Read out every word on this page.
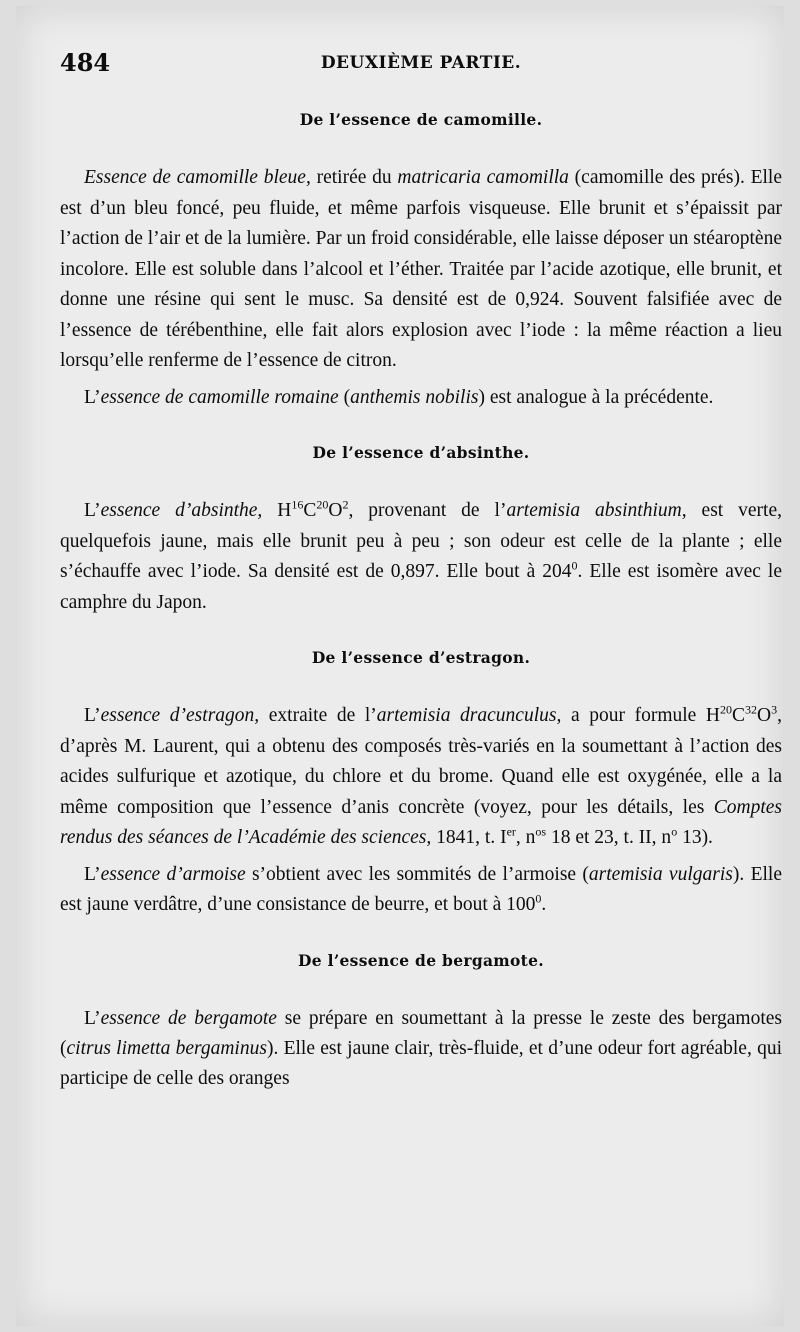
484	DEUXIÈME PARTIE.
De l’essence de camomille.

Essence de camomille bleue, retirée du matricaria camomilla (camomille des prés). Elle est d’un bleu foncé, peu fluide, et même parfois visqueuse. Elle brunit et s’épaissit par l’action de l’air et de la lumière. Par un froid considérable, elle laisse déposer un stéaroptène incolore. Elle est soluble dans l’alcool et l’éther. Traitée par l’acide azotique, elle brunit, et donne une résine qui sent le musc. Sa densité est de 0,924. Souvent falsifiée avec de l’essence de térébenthine, elle fait alors explosion avec l’iode : la même réaction a lieu lorsqu’elle renferme de l’essence de citron.

L’essence de camomille romaine (anthemis nobilis) est analogue à la précédente.

De l’essence d’absinthe.

L’essence d’absinthe, $H^{16}C^{20}O^2$, provenant de l’artemisia absinthium, est verte, quelquefois jaune, mais elle brunit peu à peu ; son odeur est celle de la plante ; elle s’échauffe avec l’iode. Sa densité est de 0,897. Elle bout à $204^0$. Elle est isomère avec le camphre du Japon.

De l’essence d’estragon.

L’essence d’estragon, extraite de l’artemisia dracunculus, a pour formule $H^{20}C^{32}O^3$, d’après M. Laurent, qui a obtenu des composés très-variés en la soumettant à l’action des acides sulfurique et azotique, du chlore et du brome. Quand elle est oxygénée, elle a la même composition que l’essence d’anis concrète (voyez, pour les détails, les Comptes rendus des séances de l’Académie des sciences, 1841, t. Ier, $n^{os}$ 18 et 23, t. II, $n^o$ 13).

L’essence d’armoise s’obtient avec les sommités de l’armoise (artemisia vulgaris). Elle est jaune verdâtre, d’une consistance de beurre, et bout à $100^0$.

De l’essence de bergamote.

L’essence de bergamote se prépare en soumettant à la presse le zeste des bergamotes (citrus limetta bergaminus). Elle est jaune clair, très-fluide, et d’une odeur fort agréable, qui participe de celle des oranges
